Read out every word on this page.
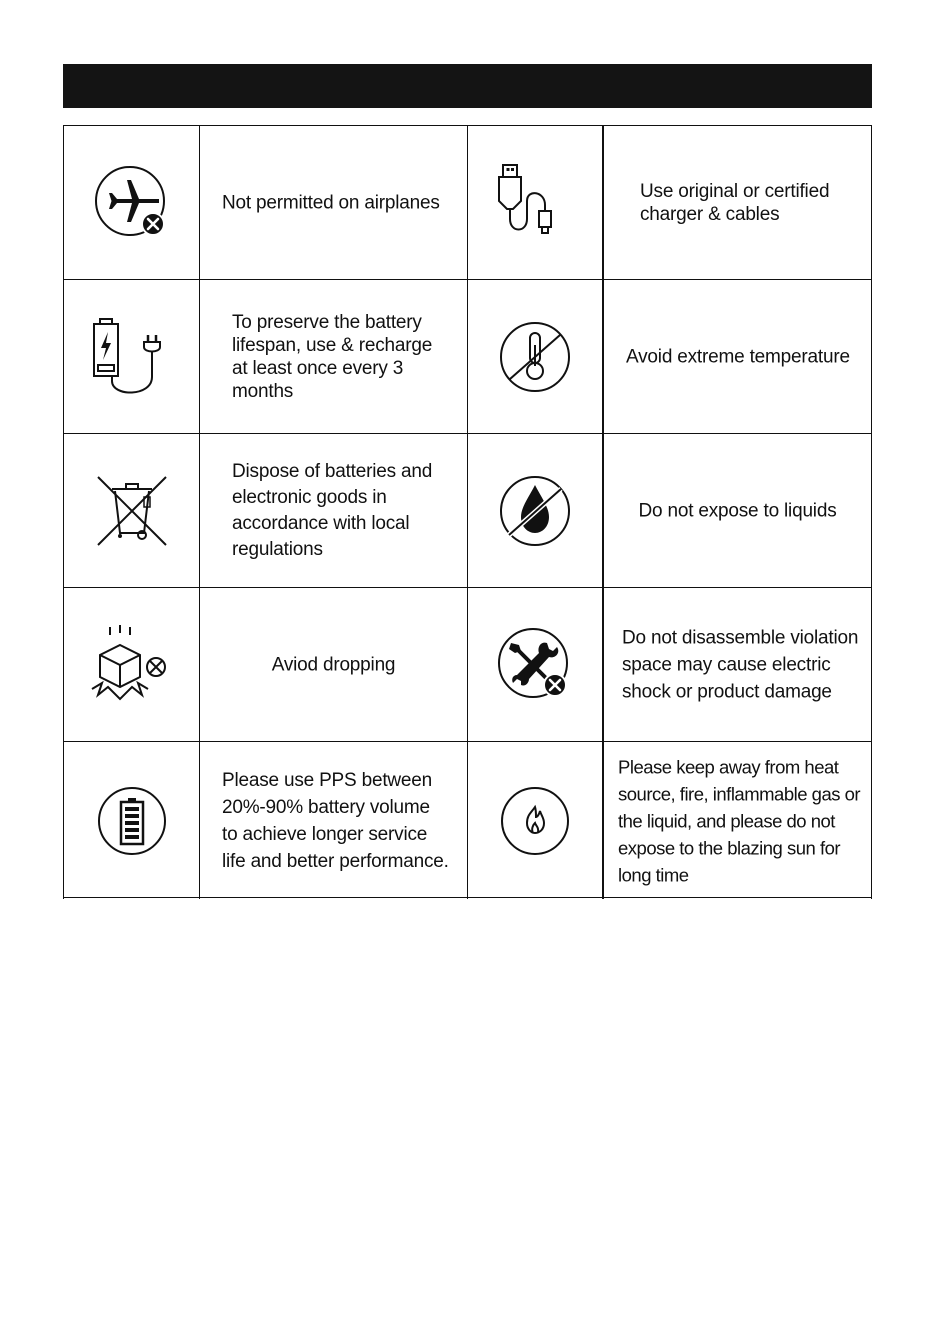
Not permitted on airplanes
Use original or certified
charger & cables
To preserve the battery
lifespan, use & recharge
at least once every 3
months
Avoid extreme temperature
Dispose of batteries and
electronic goods in
accordance with local
regulations
Do not expose to liquids
Aviod dropping
Do not disassemble violation
space may cause electric
shock or product damage
Please use PPS between
20%-90% battery volume
to achieve longer service
life and better performance.
Please keep away from heat
source, fire, inflammable gas or
the liquid, and please do not
expose to the blazing sun for
long time
